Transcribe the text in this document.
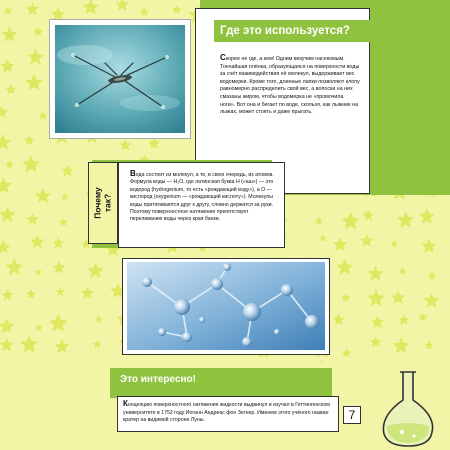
Где это используется?
Скорее не где, а кем! Одним везучим насекомым. Тончайшая плёнка, образующаяся на поверхности воды за счёт взаимодействия её молекул, выдерживает вес водомерки. Кроме того, длинные лапки позволяют клопу равномерно распределить свой вес, а волоски на них смазаны жиром, чтобы водомерка не «промочила ноги». Вот она и бегает по воде, скользя, как лыжник на лыжах, может стоять и даже прыгать.
Вода состоит из молекул, а те, в свою очередь, из атомов. Формула воды — H₂O, где латинская буква H («аш») — это водород (hydrogenium, то есть «рождающий воду»), а O — кислород (oxygenium — «рождающий кислоту»). Молекулы воды притягиваются друг к другу, словно держатся за руки. Поэтому поверхностное натяжение препятствует переливанию воды через края банки.
Почему так?
Это интересно!
Концепцию поверхностного натяжения жидкости выдвинул и изучал в Геттингенском университете в 1752 году Иоганн Андреас фон Зегнер. Именем этого учёного назван кратер на видимой стороне Луны.	7
